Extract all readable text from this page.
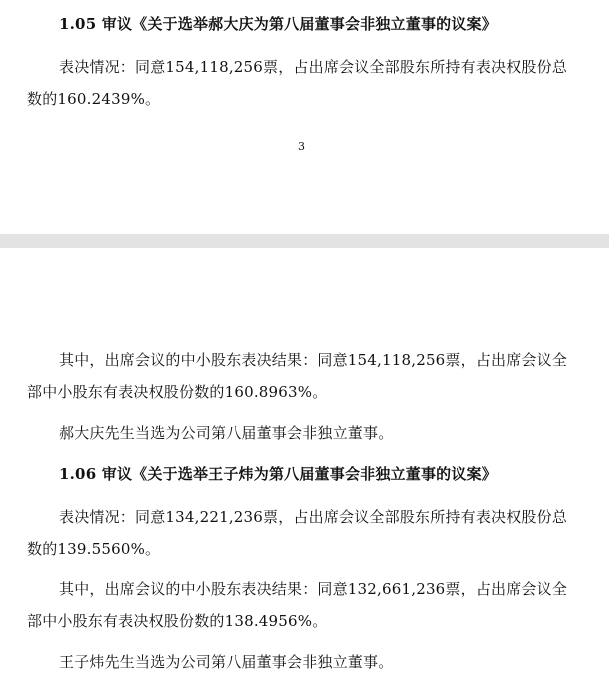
1.05 审议《关于选举郝大庆为第八届董事会非独立董事的议案》
表决情况：同意154,118,256票，占出席会议全部股东所持有表决权股份总
数的160.2439%。
3
其中，出席会议的中小股东表决结果：同意154,118,256票，占出席会议全
部中小股东有表决权股份数的160.8963%。
郝大庆先生当选为公司第八届董事会非独立董事。
1.06 审议《关于选举王子炜为第八届董事会非独立董事的议案》
表决情况：同意134,221,236票，占出席会议全部股东所持有表决权股份总
数的139.5560%。
其中，出席会议的中小股东表决结果：同意132,661,236票，占出席会议全
部中小股东有表决权股份数的138.4956%。
王子炜先生当选为公司第八届董事会非独立董事。
